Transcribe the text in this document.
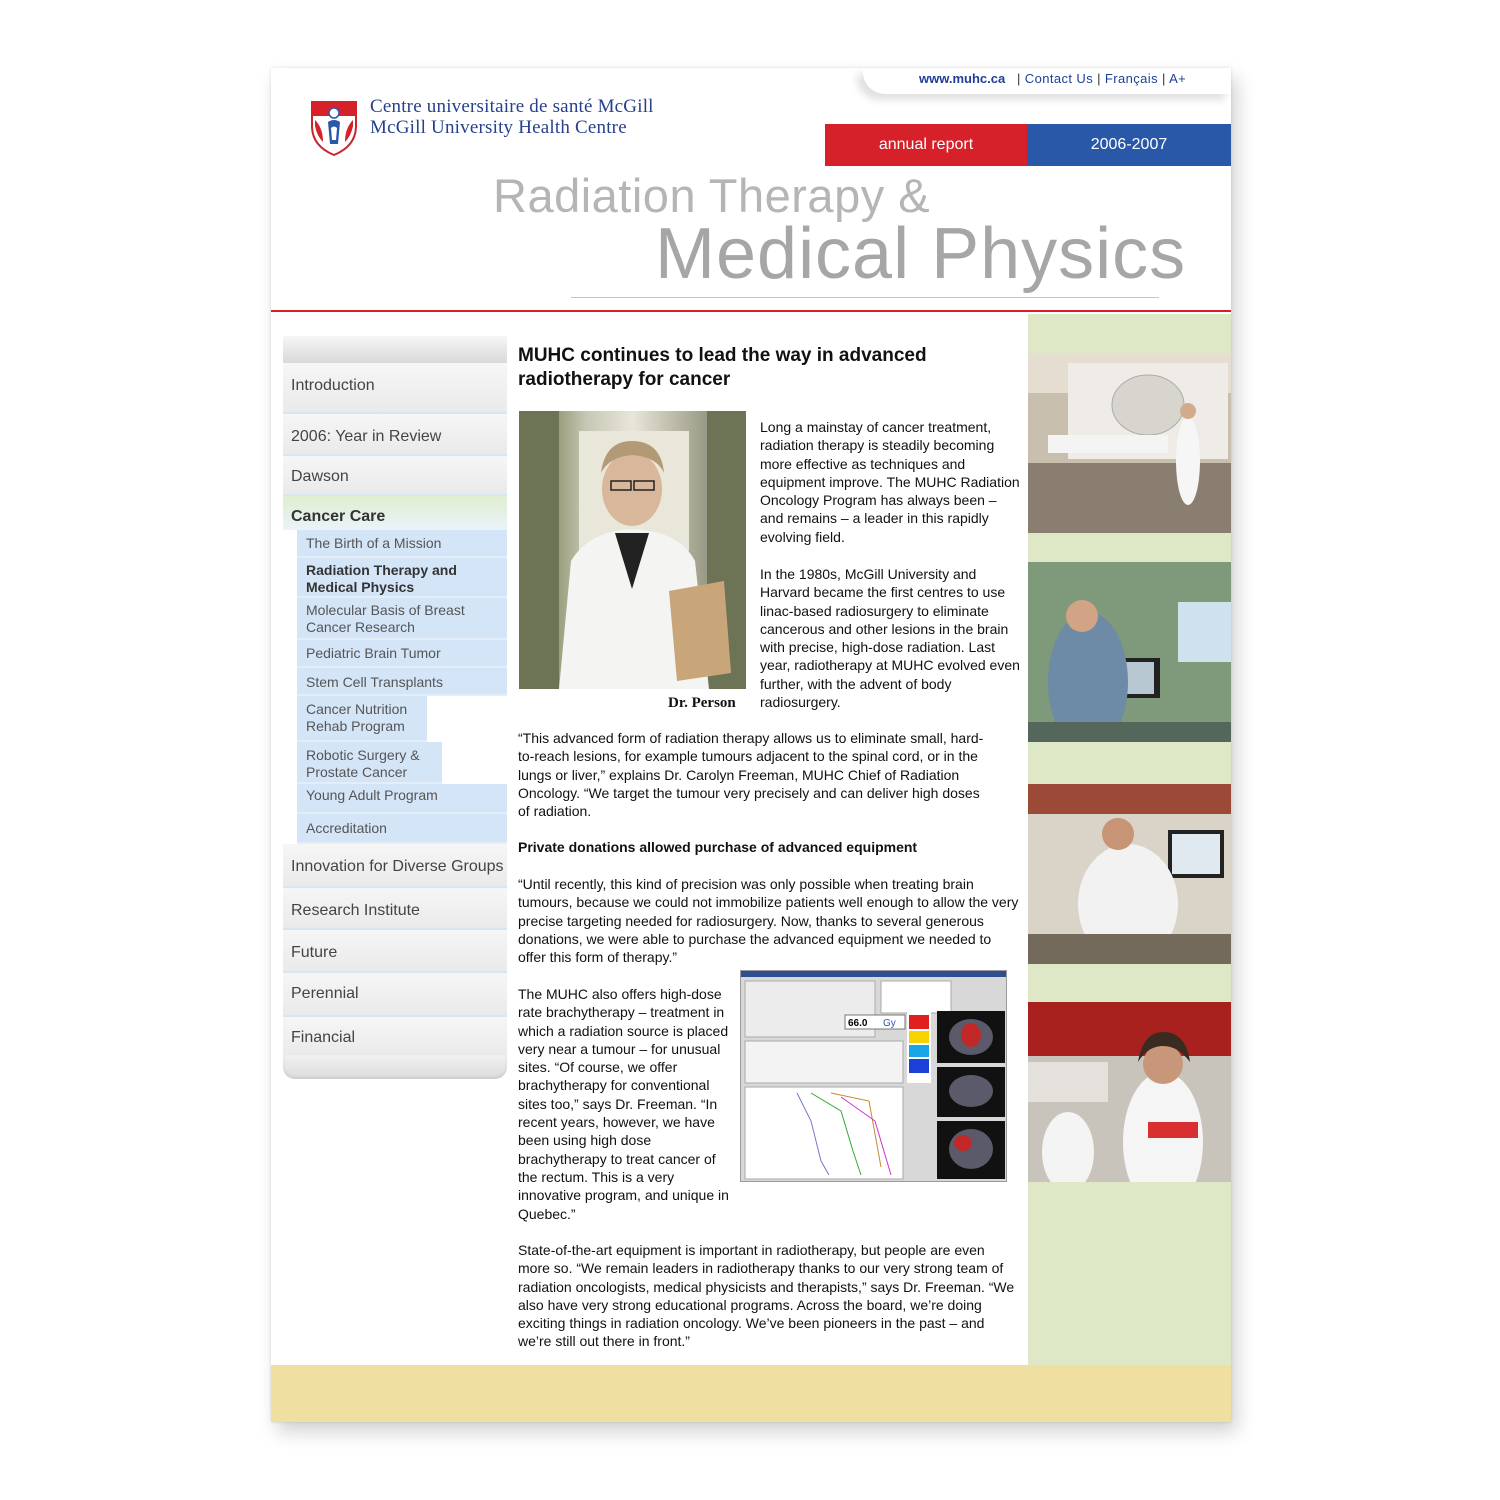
www.muhc.ca | Contact Us | Français | A+
Centre universitaire de santé McGill
McGill University Health Centre
annual report	2006-2007
Radiation Therapy &
Medical Physics
Introduction
2006: Year in Review
Dawson
Cancer Care
The Birth of a Mission
Radiation Therapy and Medical Physics
Molecular Basis of Breast Cancer Research
Pediatric Brain Tumor
Stem Cell Transplants
Cancer Nutrition Rehab Program
Robotic Surgery & Prostate Cancer
Young Adult Program
Accreditation
Innovation for Diverse Groups
Research Institute
Future
Perennial
Financial
MUHC continues to lead the way in advanced radiotherapy for cancer
Dr. Person

Long a mainstay of cancer treatment, radiation therapy is steadily becoming more effective as techniques and equipment improve. The MUHC Radiation Oncology Program has always been – and remains – a leader in this rapidly evolving field.

In the 1980s, McGill University and Harvard became the first centres to use linac-based radiosurgery to eliminate cancerous and other lesions in the brain with precise, high-dose radiation. Last year, radiotherapy at MUHC evolved even further, with the advent of body radiosurgery.

“This advanced form of radiation therapy allows us to eliminate small, hard-to-reach lesions, for example tumours adjacent to the spinal cord, or in the lungs or liver,” explains Dr. Carolyn Freeman, MUHC Chief of Radiation Oncology. “We target the tumour very precisely and can deliver high doses of radiation.

Private donations allowed purchase of advanced equipment

“Until recently, this kind of precision was only possible when treating brain tumours, because we could not immobilize patients well enough to allow the very precise targeting needed for radiosurgery. Now, thanks to several generous donations, we were able to purchase the advanced equipment we needed to offer this form of therapy.”

The MUHC also offers high-dose rate brachytherapy – treatment in which a radiation source is placed very near a tumour – for unusual sites. “Of course, we offer brachytherapy for conventional sites too,” says Dr. Freeman. “In recent years, however, we have been using high dose brachytherapy to treat cancer of the rectum. This is a very innovative program, and unique in Quebec.”

66.0 Gy

State-of-the-art equipment is important in radiotherapy, but people are even more so. “We remain leaders in radiotherapy thanks to our very strong team of radiation oncologists, medical physicists and therapists,” says Dr. Freeman. “We also have very strong educational programs. Across the board, we’re doing exciting things in radiation oncology. We’ve been pioneers in the past – and we’re still out there in front.”
